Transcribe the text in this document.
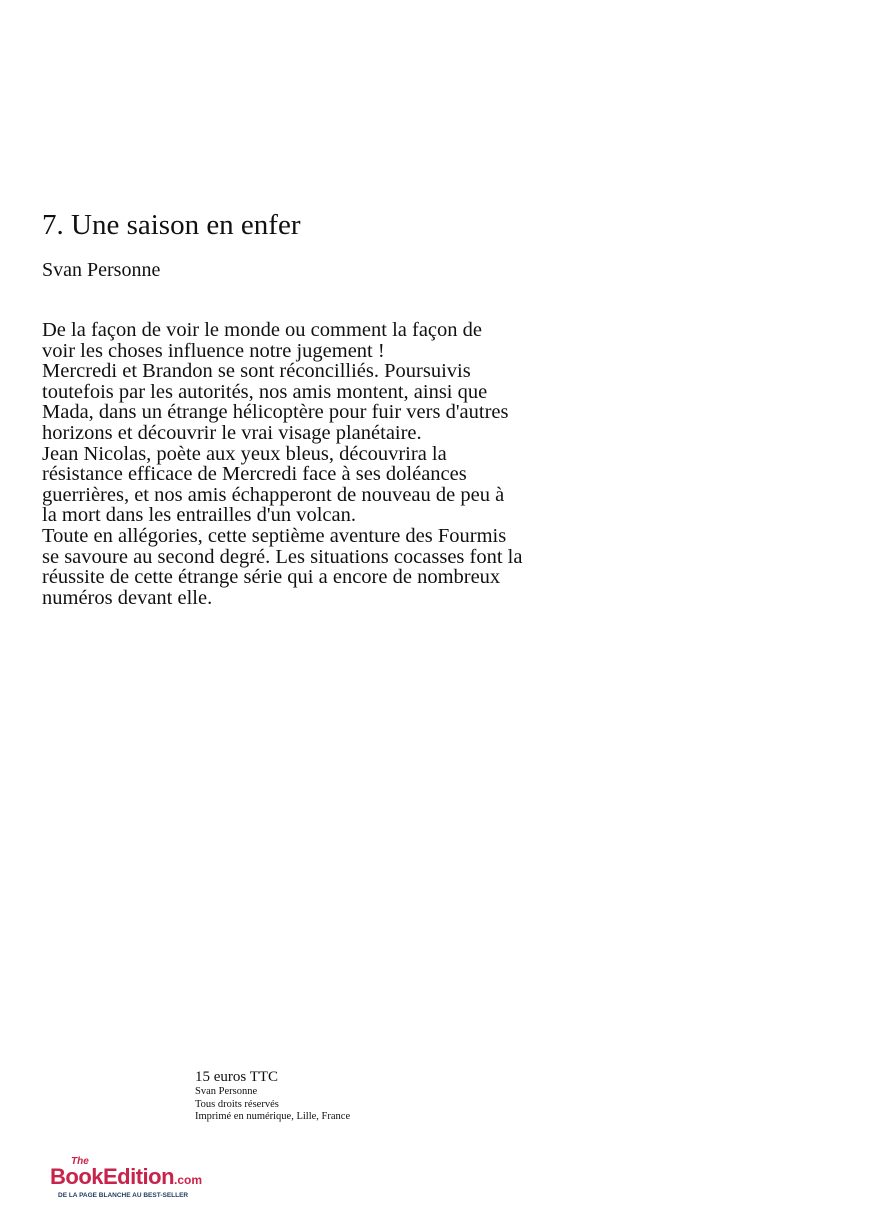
7. Une saison en enfer

Svan Personne

De la façon de voir le monde ou comment la façon de
voir les choses influence notre jugement !
Mercredi et Brandon se sont réconcilliés. Poursuivis
toutefois par les autorités, nos amis montent, ainsi que
Mada, dans un étrange hélicoptère pour fuir vers d'autres
horizons et découvrir le vrai visage planétaire.
Jean Nicolas, poète aux yeux bleus, découvrira la
résistance efficace de Mercredi face à ses doléances
guerrières, et nos amis échapperont de nouveau de peu à
la mort dans les entrailles d'un volcan.
Toute en allégories, cette septième aventure des Fourmis
se savoure au second degré. Les situations cocasses font la
réussite de cette étrange série qui a encore de nombreux
numéros devant elle.
15 euros TTC
Svan Personne
Tous droits réservés
Imprimé en numérique, Lille, France
The
BookEdition.com
DE LA PAGE BLANCHE AU BEST-SELLER
